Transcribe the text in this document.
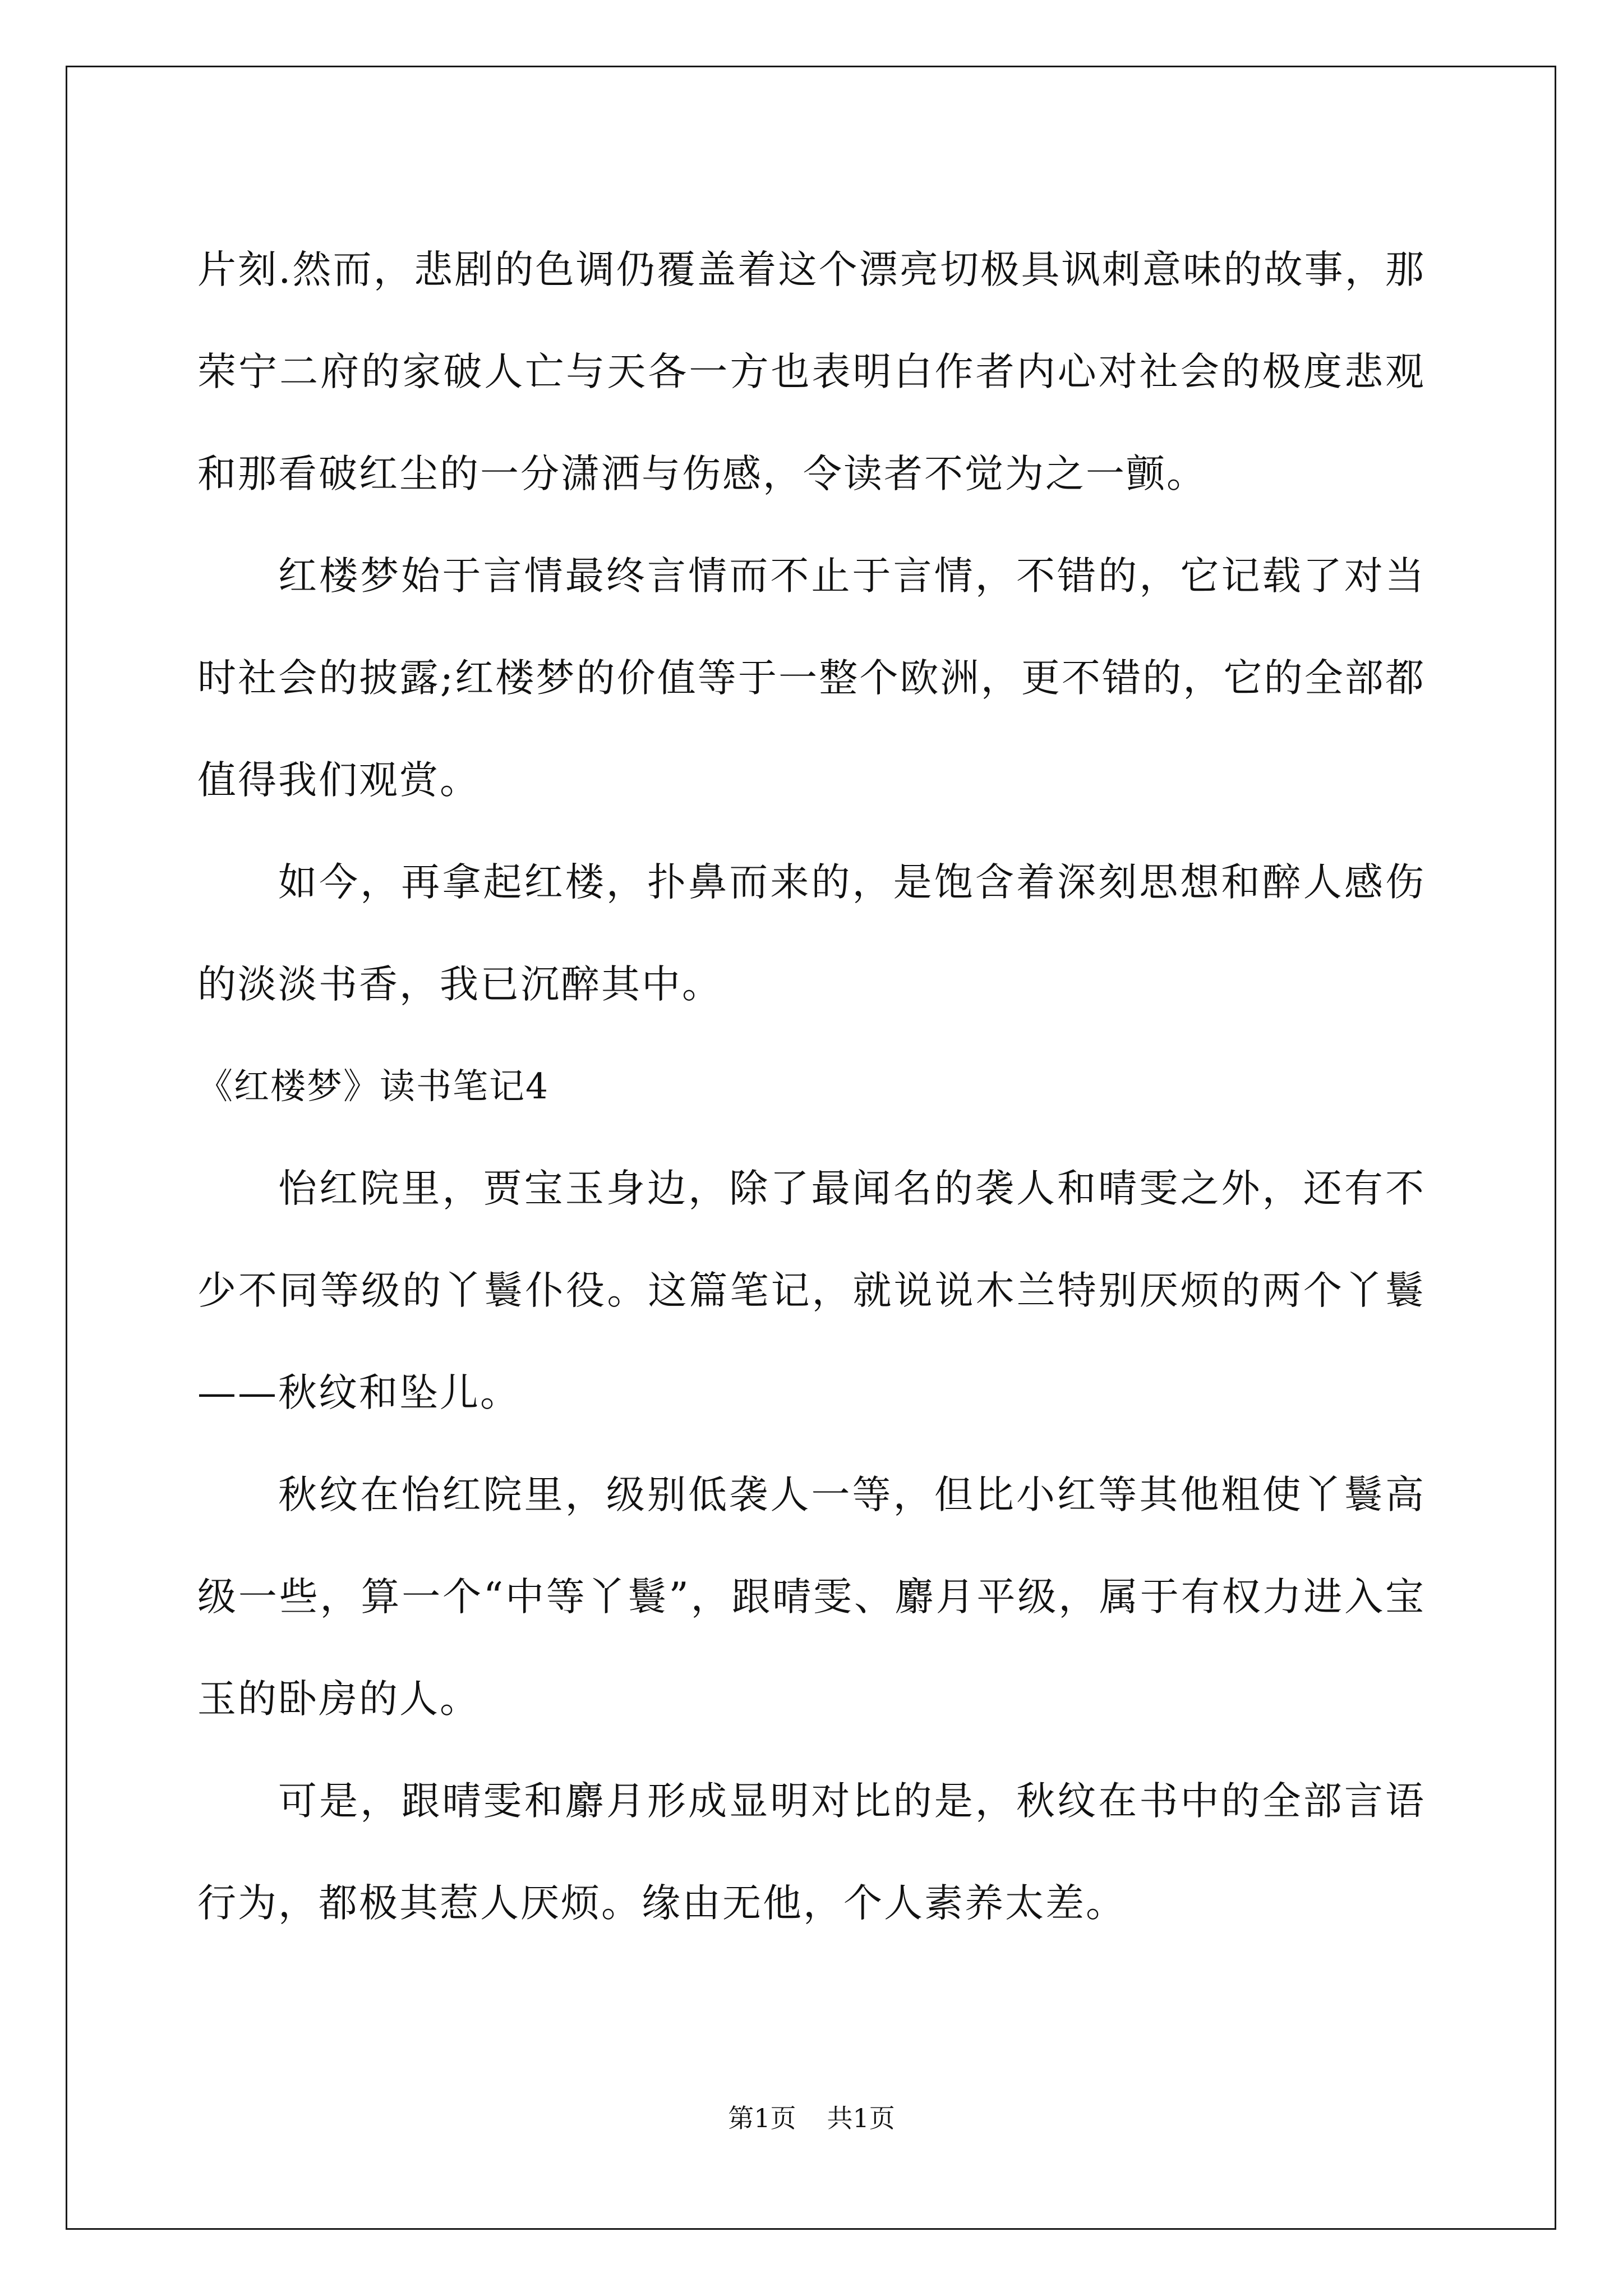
片刻.然而，悲剧的色调仍覆盖着这个漂亮切极具讽刺意味的故事，那荣宁二府的家破人亡与天各一方也表明白作者内心对社会的极度悲观和那看破红尘的一分潇洒与伤感，令读者不觉为之一颤。

红楼梦始于言情最终言情而不止于言情，不错的，它记载了对当时社会的披露;红楼梦的价值等于一整个欧洲，更不错的，它的全部都值得我们观赏。

如今，再拿起红楼，扑鼻而来的，是饱含着深刻思想和醉人感伤的淡淡书香，我已沉醉其中。

《红楼梦》读书笔记4

怡红院里，贾宝玉身边，除了最闻名的袭人和晴雯之外，还有不少不同等级的丫鬟仆役。这篇笔记，就说说木兰特别厌烦的两个丫鬟——秋纹和坠儿。

秋纹在怡红院里，级别低袭人一等，但比小红等其他粗使丫鬟高级一些，算一个“中等丫鬟”，跟晴雯、麝月平级，属于有权力进入宝玉的卧房的人。

可是，跟晴雯和麝月形成显明对比的是，秋纹在书中的全部言语行为，都极其惹人厌烦。缘由无他，个人素养太差。

第1页 共1页
